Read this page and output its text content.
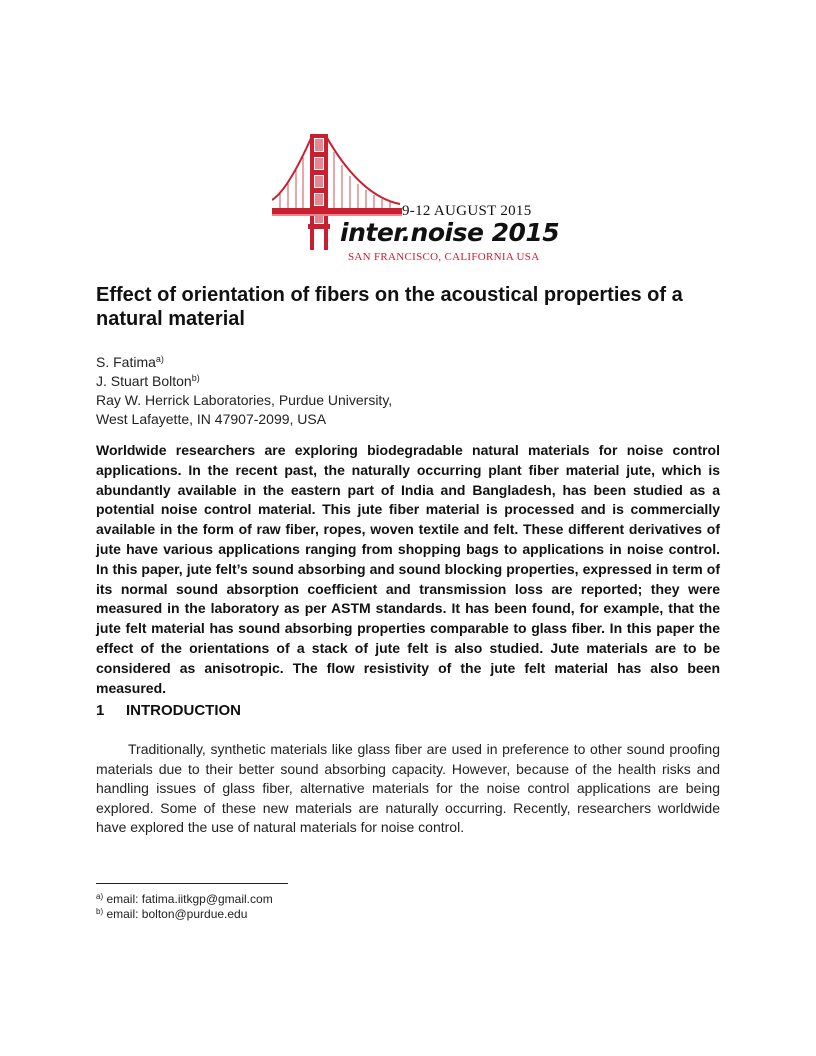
9-12 AUGUST 2015
inter.noise 2015
SAN FRANCISCO, CALIFORNIA USA
Effect of orientation of fibers on the acoustical properties of a natural material
S. Fatima$^{a)}$
J. Stuart Bolton$^{b)}$
Ray W. Herrick Laboratories, Purdue University,
West Lafayette, IN 47907-2099, USA

Worldwide researchers are exploring biodegradable natural materials for noise control applications. In the recent past, the naturally occurring plant fiber material jute, which is abundantly available in the eastern part of India and Bangladesh, has been studied as a potential noise control material. This jute fiber material is processed and is commercially available in the form of raw fiber, ropes, woven textile and felt. These different derivatives of jute have various applications ranging from shopping bags to applications in noise control. In this paper, jute felt’s sound absorbing and sound blocking properties, expressed in term of its normal sound absorption coefficient and transmission loss are reported; they were measured in the laboratory as per ASTM standards. It has been found, for example, that the jute felt material has sound absorbing properties comparable to glass fiber. In this paper the effect of the orientations of a stack of jute felt is also studied. Jute materials are to be considered as anisotropic. The flow resistivity of the jute felt material has also been measured.

1 INTRODUCTION

Traditionally, synthetic materials like glass fiber are used in preference to other sound proofing materials due to their better sound absorbing capacity. However, because of the health risks and handling issues of glass fiber, alternative materials for the noise control applications are being explored. Some of these new materials are naturally occurring. Recently, researchers worldwide have explored the use of natural materials for noise control.

$^{a)}$ email: fatima.iitkgp@gmail.com
$^{b)}$ email: bolton@purdue.edu
